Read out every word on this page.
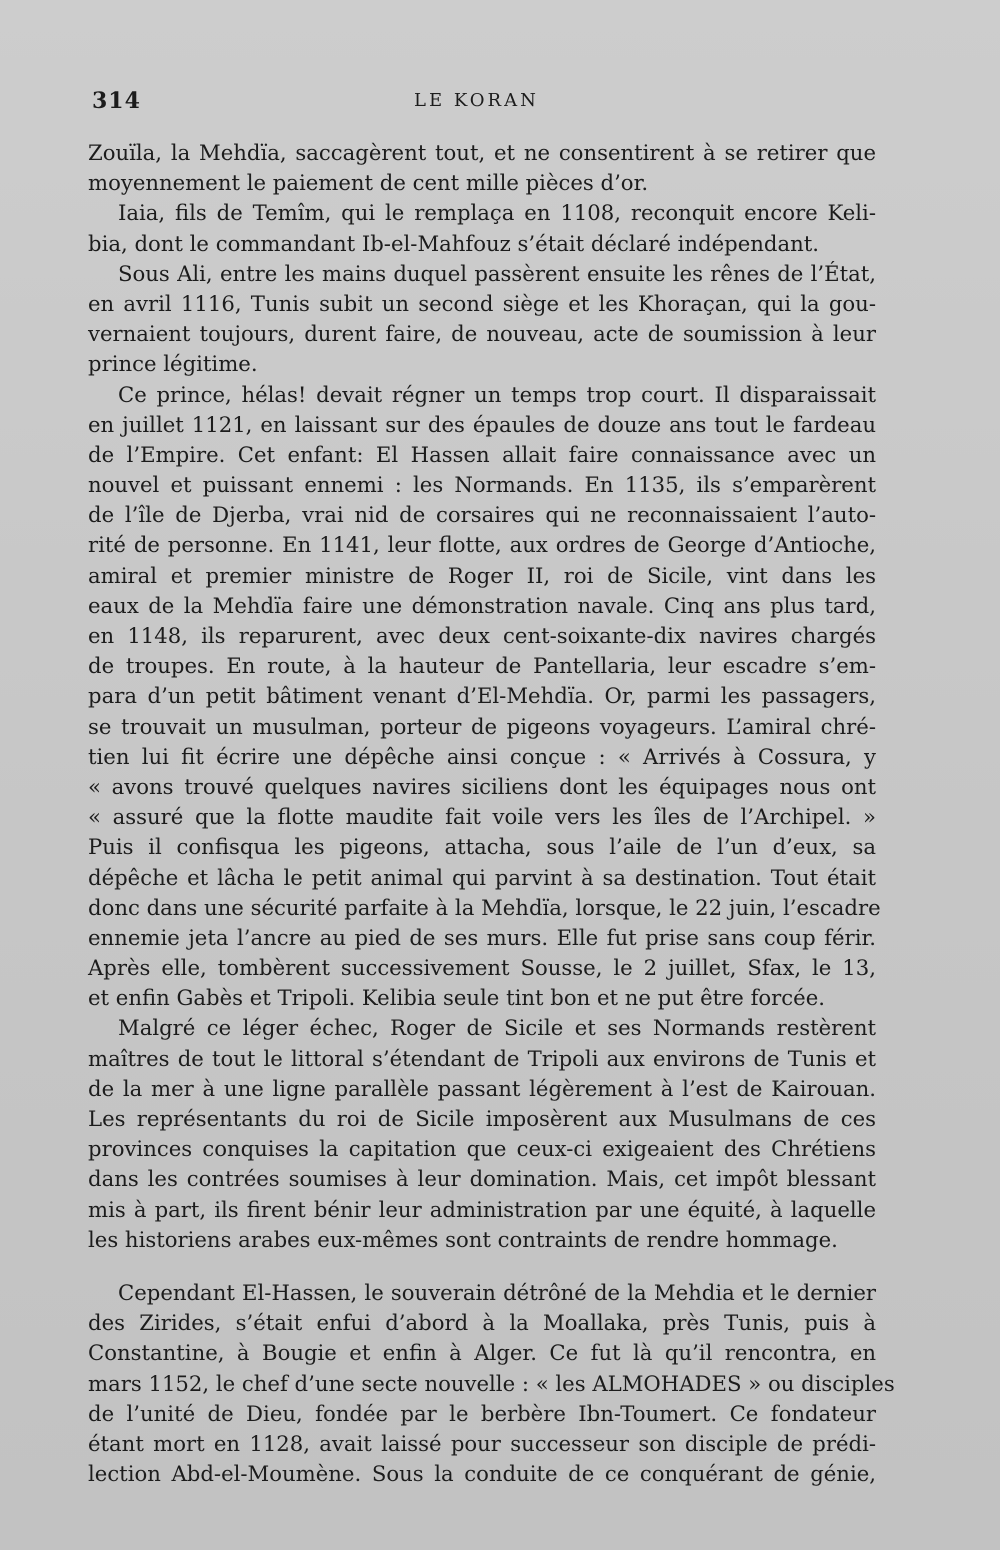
314	LE KORAN
Zouïla, la Mehdïa, saccagèrent tout, et ne consentirent à se retirer que
moyennement le paiement de cent mille pièces d’or.
Iaia, fils de Temîm, qui le remplaça en 1108, reconquit encore Keli-
bia, dont le commandant Ib-el-Mahfouz s’était déclaré indépendant.
Sous Ali, entre les mains duquel passèrent ensuite les rênes de l’État,
en avril 1116, Tunis subit un second siège et les Khoraçan, qui la gou-
vernaient toujours, durent faire, de nouveau, acte de soumission à leur
prince légitime.
Ce prince, hélas! devait régner un temps trop court. Il disparaissait
en juillet 1121, en laissant sur des épaules de douze ans tout le fardeau
de l’Empire. Cet enfant: El Hassen allait faire connaissance avec un
nouvel et puissant ennemi : les Normands. En 1135, ils s’emparèrent
de l’île de Djerba, vrai nid de corsaires qui ne reconnaissaient l’auto-
rité de personne. En 1141, leur flotte, aux ordres de George d’Antioche,
amiral et premier ministre de Roger II, roi de Sicile, vint dans les
eaux de la Mehdïa faire une démonstration navale. Cinq ans plus tard,
en 1148, ils reparurent, avec deux cent-soixante-dix navires chargés
de troupes. En route, à la hauteur de Pantellaria, leur escadre s’em-
para d’un petit bâtiment venant d’El-Mehdïa. Or, parmi les passagers,
se trouvait un musulman, porteur de pigeons voyageurs. L’amiral chré-
tien lui fit écrire une dépêche ainsi conçue : « Arrivés à Cossura, y
« avons trouvé quelques navires siciliens dont les équipages nous ont
« assuré que la flotte maudite fait voile vers les îles de l’Archipel. »
Puis il confisqua les pigeons, attacha, sous l’aile de l’un d’eux, sa
dépêche et lâcha le petit animal qui parvint à sa destination. Tout était
donc dans une sécurité parfaite à la Mehdïa, lorsque, le 22 juin, l’escadre
ennemie jeta l’ancre au pied de ses murs. Elle fut prise sans coup férir.
Après elle, tombèrent successivement Sousse, le 2 juillet, Sfax, le 13,
et enfin Gabès et Tripoli. Kelibia seule tint bon et ne put être forcée.
Malgré ce léger échec, Roger de Sicile et ses Normands restèrent
maîtres de tout le littoral s’étendant de Tripoli aux environs de Tunis et
de la mer à une ligne parallèle passant légèrement à l’est de Kairouan.
Les représentants du roi de Sicile imposèrent aux Musulmans de ces
provinces conquises la capitation que ceux-ci exigeaient des Chrétiens
dans les contrées soumises à leur domination. Mais, cet impôt blessant
mis à part, ils firent bénir leur administration par une équité, à laquelle
les historiens arabes eux-mêmes sont contraints de rendre hommage.
Cependant El-Hassen, le souverain détrôné de la Mehdia et le dernier
des Zirides, s’était enfui d’abord à la Moallaka, près Tunis, puis à
Constantine, à Bougie et enfin à Alger. Ce fut là qu’il rencontra, en
mars 1152, le chef d’une secte nouvelle : « les ALMOHADES » ou disciples
de l’unité de Dieu, fondée par le berbère Ibn-Toumert. Ce fondateur
étant mort en 1128, avait laissé pour successeur son disciple de prédi-
lection Abd-el-Moumène. Sous la conduite de ce conquérant de génie,
